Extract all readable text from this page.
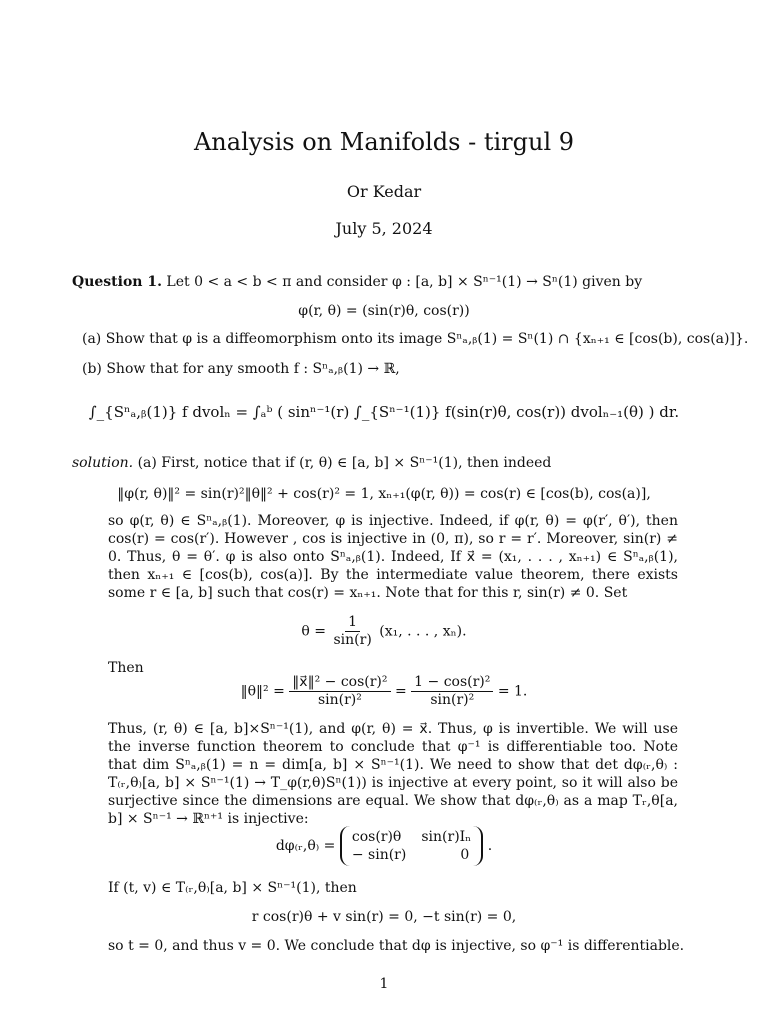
Analysis on Manifolds - tirgul 9
Or Kedar
July 5, 2024
Question 1. Let 0 < a < b < π and consider φ : [a, b] × Sⁿ⁻¹(1) → Sⁿ(1) given by
φ(r, θ) = (sin(r)θ, cos(r))
(a) Show that φ is a diffeomorphism onto its image Sⁿₐ,ᵦ(1) = Sⁿ(1) ∩ {xₙ₊₁ ∈ [cos(b), cos(a)]}.
(b) Show that for any smooth f : Sⁿₐ,ᵦ(1) → ℝ,
∫_{Sⁿₐ,ᵦ(1)} f dvolₙ = ∫ₐᵇ ( sinⁿ⁻¹(r) ∫_{Sⁿ⁻¹(1)} f(sin(r)θ, cos(r)) dvolₙ₋₁(θ) ) dr.
solution. (a) First, notice that if (r, θ) ∈ [a, b] × Sⁿ⁻¹(1), then indeed
‖φ(r, θ)‖² = sin(r)²‖θ‖² + cos(r)² = 1, xₙ₊₁(φ(r, θ)) = cos(r) ∈ [cos(b), cos(a)],
so φ(r, θ) ∈ Sⁿₐ,ᵦ(1). Moreover, φ is injective. Indeed, if φ(r, θ) = φ(r′, θ′), then cos(r) = cos(r′). However , cos is injective in (0, π), so r = r′. Moreover, sin(r) ≠ 0. Thus, θ = θ′. φ is also onto Sⁿₐ,ᵦ(1). Indeed, If x⃗ = (x₁, . . . , xₙ₊₁) ∈ Sⁿₐ,ᵦ(1), then xₙ₊₁ ∈ [cos(b), cos(a)]. By the intermediate value theorem, there exists some r ∈ [a, b] such that cos(r) = xₙ₊₁. Note that for this r, sin(r) ≠ 0. Set
$\theta = \frac{1}{\sin(r)} (x_1$, . . . , xₙ).
Then
‖θ‖² = $\frac{\text{‖x⃗‖² − cos(r)²}}{\text{sin(r)²}} = \frac{\text{1 − cos(r)²}}{\text{sin(r)²}} = 1$.
Thus, (r, θ) ∈ [a, b]×Sⁿ⁻¹(1), and φ(r, θ) = x⃗. Thus, φ is invertible. We will use the inverse function theorem to conclude that φ⁻¹ is differentiable too. Note that dim Sⁿₐ,ᵦ(1) = n = dim[a, b] × Sⁿ⁻¹(1). We need to show that det dφ₍ᵣ,θ₎ : T₍ᵣ,θ₎[a, b] × Sⁿ⁻¹(1) → T_φ(r,θ)Sⁿ(1)) is injective at every point, so it will also be surjective since the dimensions are equal. We show that dφ₍ᵣ,θ₎ as a map Tᵣ,θ[a, b] × Sⁿ⁻¹ → ℝⁿ⁺¹ is injective:
dφ₍ᵣ,θ₎ =
cos(r)θ sin(r)Iₙ
− sin(r)	0
.
If (t, v) ∈ T₍ᵣ,θ₎[a, b] × Sⁿ⁻¹(1), then
r cos(r)θ + v sin(r) = 0, −t sin(r) = 0,
so t = 0, and thus v = 0. We conclude that dφ is injective, so φ⁻¹ is differentiable.
1
